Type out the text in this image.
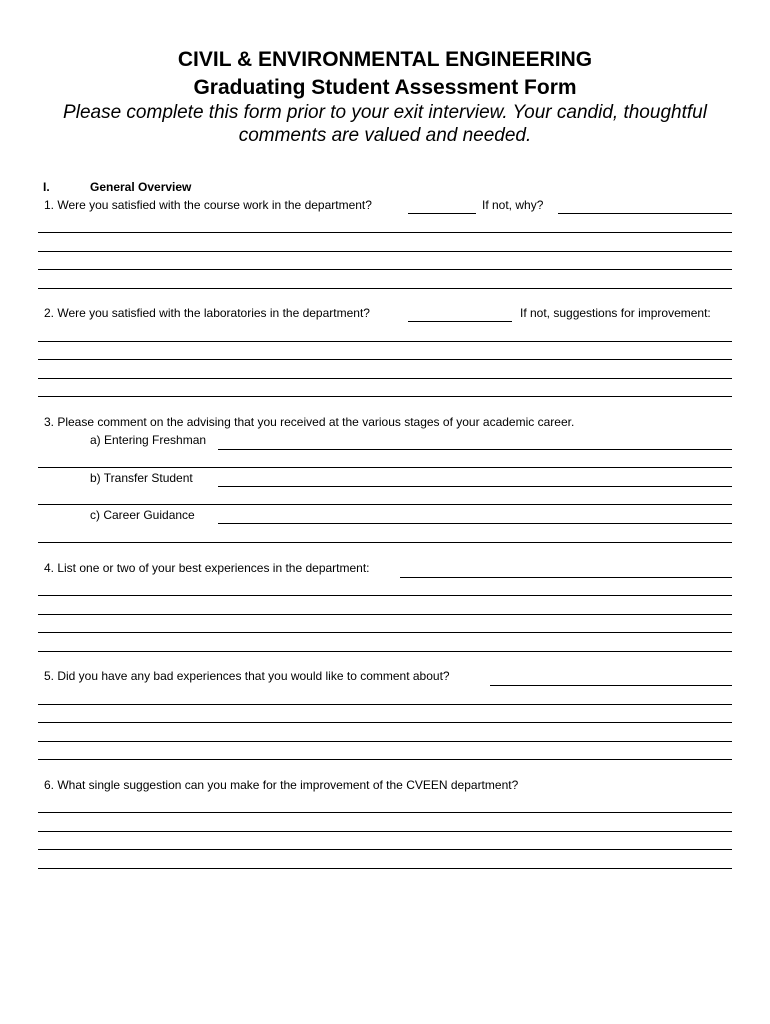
CIVIL & ENVIRONMENTAL ENGINEERING
Graduating Student Assessment Form
Please complete this form prior to your exit interview. Your candid, thoughtful
comments are valued and needed.
I.	General Overview
1. Were you satisfied with the course work in the department?	If not, why?
2. Were you satisfied with the laboratories in the department?	If not, suggestions for improvement:
3. Please comment on the advising that you received at the various stages of your academic career.
a) Entering Freshman
b) Transfer Student
c) Career Guidance
4. List one or two of your best experiences in the department:
5. Did you have any bad experiences that you would like to comment about?
6. What single suggestion can you make for the improvement of the CVEEN department?
